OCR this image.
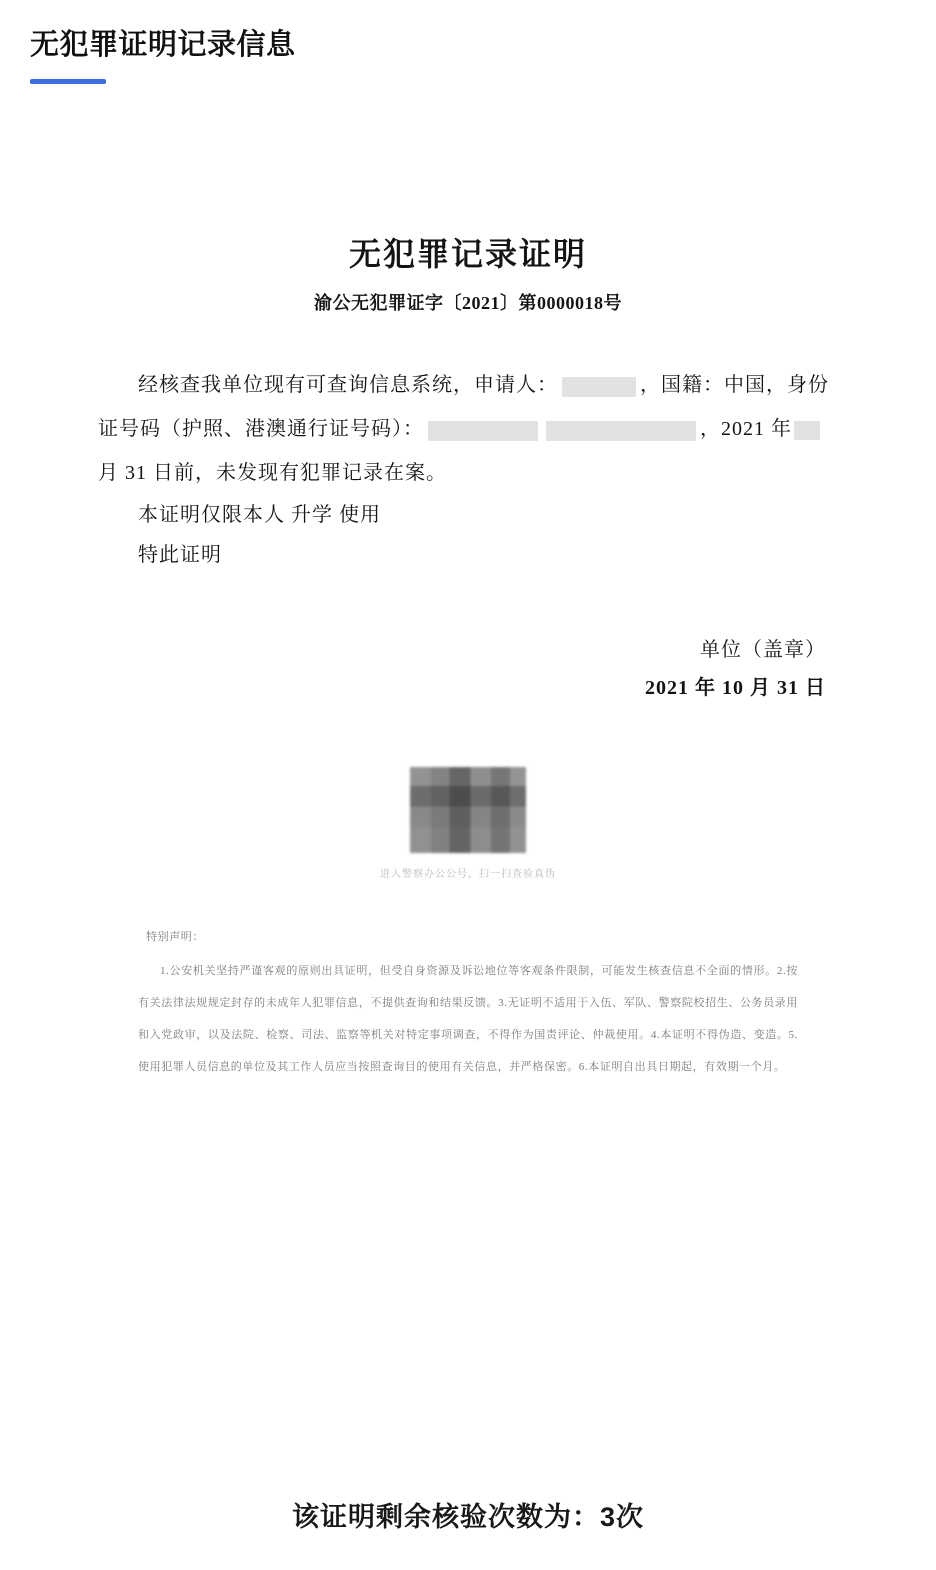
无犯罪证明记录信息
无犯罪记录证明
渝公无犯罪证字〔2021〕第0000018号
经核查我单位现有可查询信息系统，申请人：	，国籍：中国，身份证号码（护照、港澳通行证号码）：	，2021 年月 31 日前，未发现有犯罪记录在案。
本证明仅限本人 升学 使用
特此证明
单位（盖章）
2021 年 10 月 31 日
进入警察办公公号，扫一扫查验真伪
特别声明：
1.公安机关坚持严谨客观的原则出具证明，但受自身资源及诉讼地位等客观条件限制，可能发生核查信息不全面的情形。2.按有关法律法规规定封存的未成年人犯罪信息，不提供查询和结果反馈。3.无证明不适用于入伍、军队、警察院校招生、公务员录用和入党政审，以及法院、检察、司法、监察等机关对特定事项调查，不得作为国责评论、仲裁使用。4.本证明不得伪造、变造。5.使用犯罪人员信息的单位及其工作人员应当按照查询目的使用有关信息，并严格保密。6.本证明自出具日期起，有效期一个月。
该证明剩余核验次数为：3次
